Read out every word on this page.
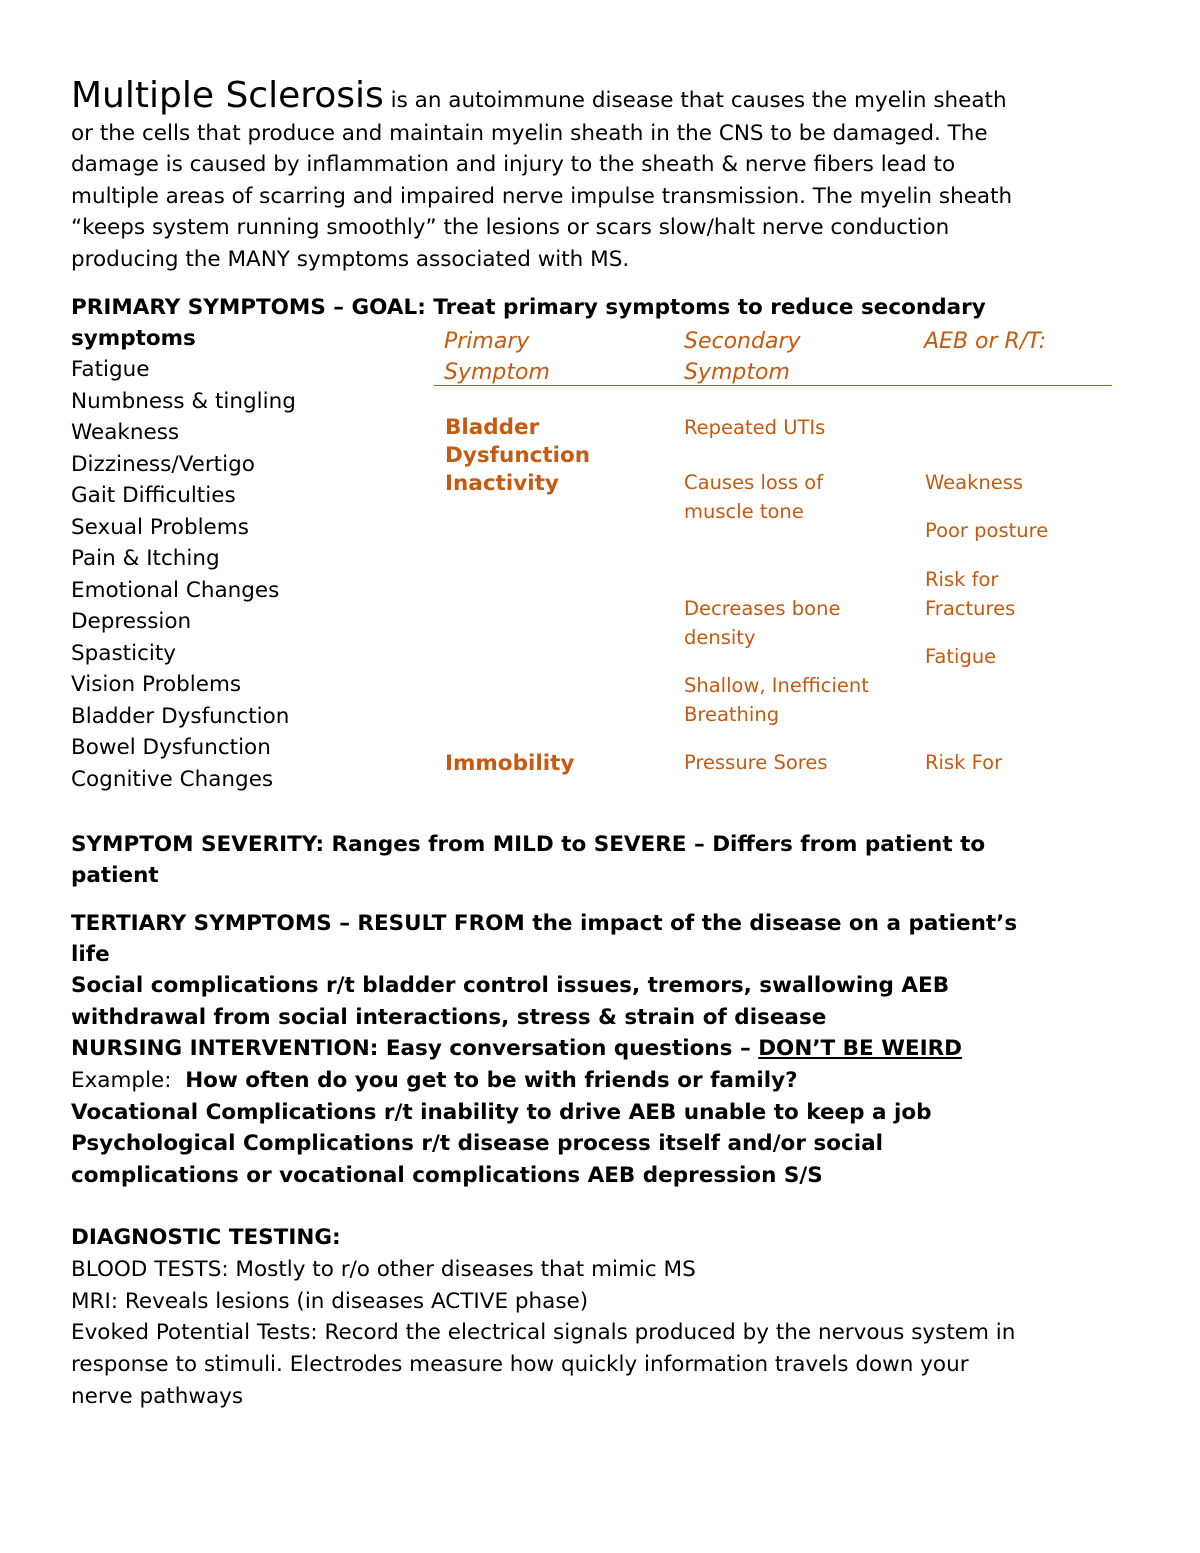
Multiple Sclerosis is an autoimmune disease that causes the myelin sheath
or the cells that produce and maintain myelin sheath in the CNS to be damaged. The
damage is caused by inflammation and injury to the sheath & nerve fibers lead to
multiple areas of scarring and impaired nerve impulse transmission. The myelin sheath
“keeps system running smoothly” the lesions or scars slow/halt nerve conduction
producing the MANY symptoms associated with MS.
PRIMARY SYMPTOMS – GOAL: Treat primary symptoms to reduce secondary
symptoms
Fatigue
Numbness & tingling
Weakness
Dizziness/Vertigo
Gait Difficulties
Sexual Problems
Pain & Itching
Emotional Changes
Depression
Spasticity
Vision Problems
Bladder Dysfunction
Bowel Dysfunction
Cognitive Changes
Primary
Symptom
Secondary
Symptom
AEB or R/T:
Bladder
Dysfunction
Inactivity
Immobility
Repeated UTIs
Causes loss of
muscle tone
Decreases bone
density
Shallow, Inefficient
Breathing
Pressure Sores
Weakness
Poor posture
Risk for
Fractures
Fatigue
Risk For
SYMPTOM SEVERITY: Ranges from MILD to SEVERE – Differs from patient to
patient
TERTIARY SYMPTOMS – RESULT FROM the impact of the disease on a patient’s
life
Social complications r/t bladder control issues, tremors, swallowing AEB
withdrawal from social interactions, stress & strain of disease
NURSING INTERVENTION: Easy conversation questions – DON’T BE WEIRD
Example:  How often do you get to be with friends or family?
Vocational Complications r/t inability to drive AEB unable to keep a job
Psychological Complications r/t disease process itself and/or social
complications or vocational complications AEB depression S/S
DIAGNOSTIC TESTING:
BLOOD TESTS: Mostly to r/o other diseases that mimic MS
MRI: Reveals lesions (in diseases ACTIVE phase)
Evoked Potential Tests: Record the electrical signals produced by the nervous system in
response to stimuli. Electrodes measure how quickly information travels down your
nerve pathways
